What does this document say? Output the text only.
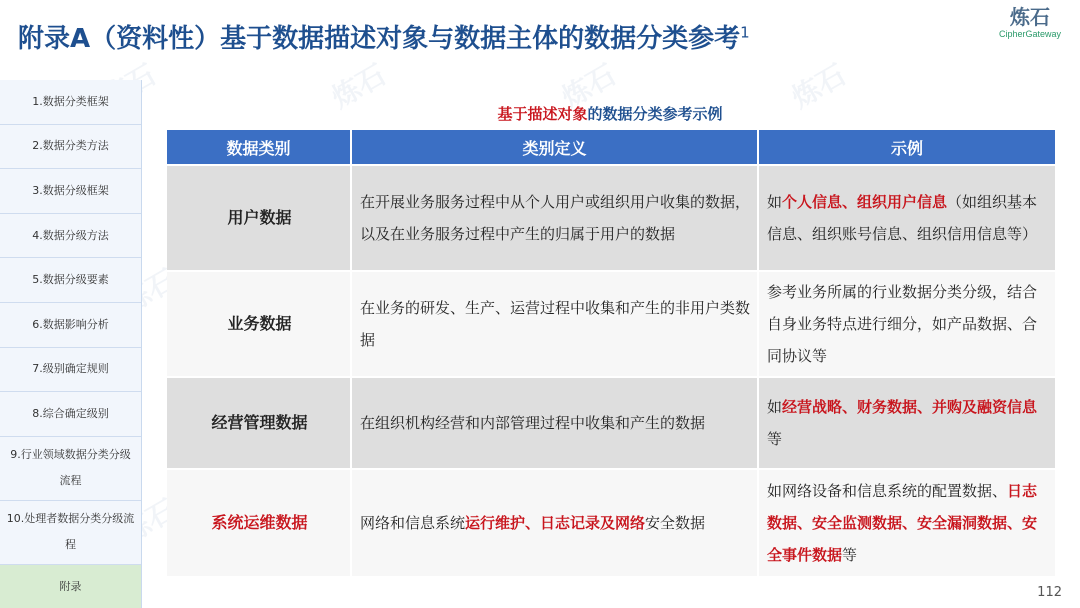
附录A（资料性）基于数据描述对象与数据主体的数据分类参考$^1$
炼石
CipherGateway
炼石	炼石	炼石
炼石
炼石
1.数据分类框架
2.数据分类方法
3.数据分级框架
4.数据分级方法
5.数据分级要素
6.数据影响分析
7.级别确定规则
8.综合确定级别
9.行业领域数据分类分级流程
10.处理者数据分类分级流程
附录
基于描述对象的数据分类参考示例
数据类别	类别定义	示例
用户数据	在开展业务服务过程中从个人用户或组织用户收集的数据，以及在业务服务过程中产生的归属于用户的数据	如个人信息、组织用户信息（如组织基本信息、组织账号信息、组织信用信息等）
业务数据	在业务的研发、生产、运营过程中收集和产生的非用户类数据	参考业务所属的行业数据分类分级，结合自身业务特点进行细分，如产品数据、合同协议等
经营管理数据	在组织机构经营和内部管理过程中收集和产生的数据	如经营战略、财务数据、并购及融资信息等
系统运维数据	网络和信息系统运行维护、日志记录及网络安全数据	如网络设备和信息系统的配置数据、日志数据、安全监测数据、安全漏洞数据、安全事件数据等
112
